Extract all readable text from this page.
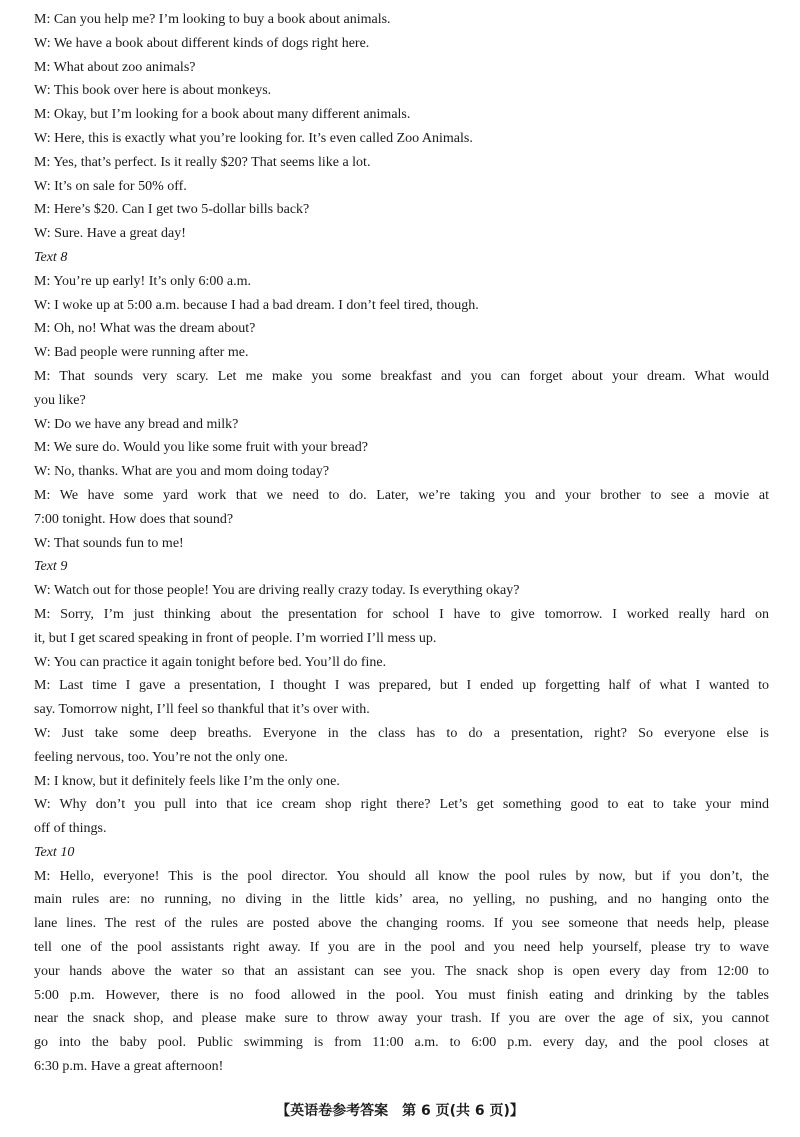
M: Can you help me? I’m looking to buy a book about animals.
W: We have a book about different kinds of dogs right here.
M: What about zoo animals?
W: This book over here is about monkeys.
M: Okay, but I’m looking for a book about many different animals.
W: Here, this is exactly what you’re looking for. It’s even called Zoo Animals.
M: Yes, that’s perfect. Is it really $20? That seems like a lot.
W: It’s on sale for 50% off.
M: Here’s $20. Can I get two 5-dollar bills back?
W: Sure. Have a great day!
Text 8
M: You’re up early! It’s only 6:00 a.m.
W: I woke up at 5:00 a.m. because I had a bad dream. I don’t feel tired, though.
M: Oh, no! What was the dream about?
W: Bad people were running after me.
M: That sounds very scary. Let me make you some breakfast and you can forget about your dream. What would
you like?
W: Do we have any bread and milk?
M: We sure do. Would you like some fruit with your bread?
W: No, thanks. What are you and mom doing today?
M: We have some yard work that we need to do. Later, we’re taking you and your brother to see a movie at
7:00 tonight. How does that sound?
W: That sounds fun to me!
Text 9
W: Watch out for those people! You are driving really crazy today. Is everything okay?
M: Sorry, I’m just thinking about the presentation for school I have to give tomorrow. I worked really hard on
it, but I get scared speaking in front of people. I’m worried I’ll mess up.
W: You can practice it again tonight before bed. You’ll do fine.
M: Last time I gave a presentation, I thought I was prepared, but I ended up forgetting half of what I wanted to
say. Tomorrow night, I’ll feel so thankful that it’s over with.
W: Just take some deep breaths. Everyone in the class has to do a presentation, right? So everyone else is
feeling nervous, too. You’re not the only one.
M: I know, but it definitely feels like I’m the only one.
W: Why don’t you pull into that ice cream shop right there? Let’s get something good to eat to take your mind
off of things.
Text 10
M: Hello, everyone! This is the pool director. You should all know the pool rules by now, but if you don’t, the
main rules are: no running, no diving in the little kids’ area, no yelling, no pushing, and no hanging onto the
lane lines. The rest of the rules are posted above the changing rooms. If you see someone that needs help, please
tell one of the pool assistants right away. If you are in the pool and you need help yourself, please try to wave
your hands above the water so that an assistant can see you. The snack shop is open every day from 12:00 to
5:00 p.m. However, there is no food allowed in the pool. You must finish eating and drinking by the tables
near the snack shop, and please make sure to throw away your trash. If you are over the age of six, you cannot
go into the baby pool. Public swimming is from 11:00 a.m. to 6:00 p.m. every day, and the pool closes at
6:30 p.m. Have a great afternoon!
【英语卷参考答案　第 6 页(共 6 页)】
